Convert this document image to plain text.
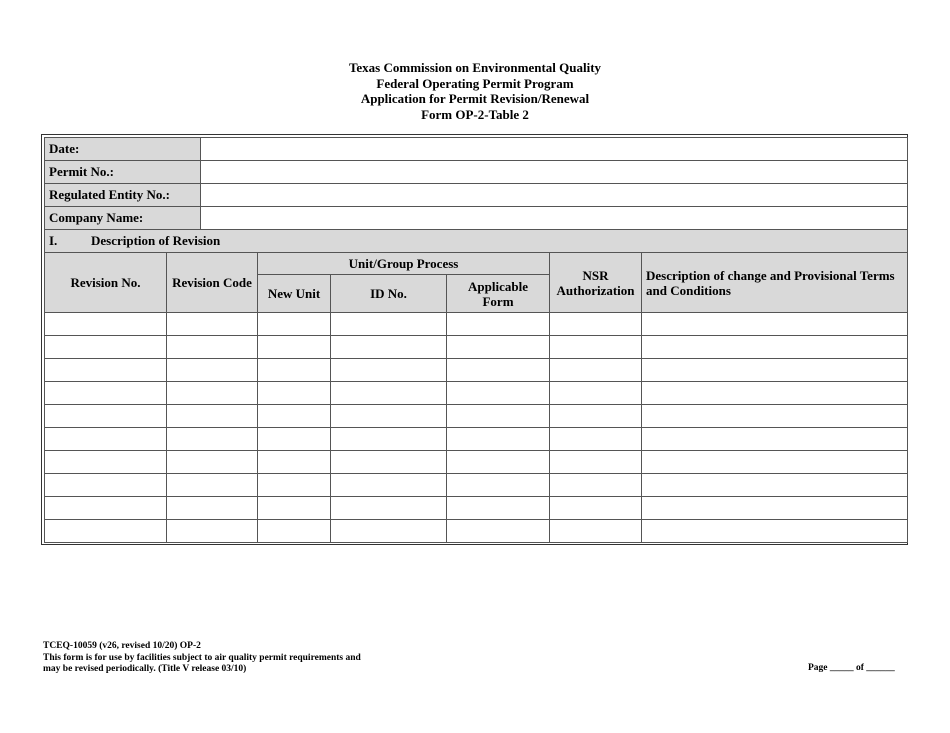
Texas Commission on Environmental Quality
Federal Operating Permit Program
Application for Permit Revision/Renewal
Form OP-2-Table 2
Date:							
Permit No.:							
Regulated Entity No.:							
Company Name:							
I. Description of Revision							
Revision No.	Revision Code		Unit/Group Process			NSR Authorization	Description of change and Provisional Terms and Conditions
			New Unit	ID No.	Applicable Form		

TCEQ-10059 (v26, revised 10/20) OP-2
This form is for use by facilities subject to air quality permit requirements and
may be revised periodically. (Title V release 03/10)	Page _____ of ______
